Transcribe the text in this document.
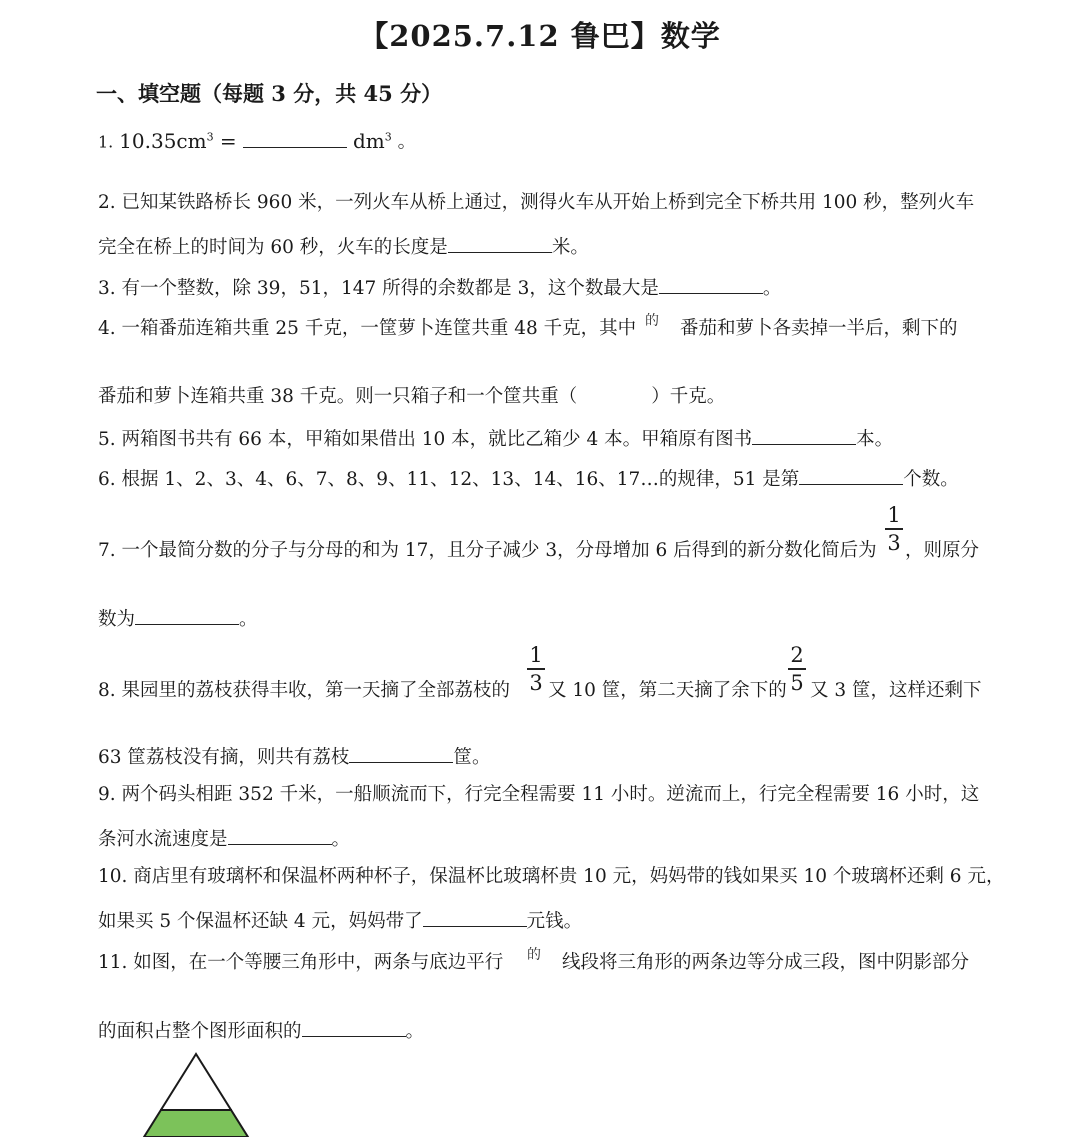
【2025.7.12 鲁巴】数学
一、填空题（每题 3 分，共 45 分）
1. $10.35cm^3$ =	$dm^3$ 。
2. 已知某铁路桥长 960 米，一列火车从桥上通过，测得火车从开始上桥到完全下桥共用 100 秒，整列火车
完全在桥上的时间为 60 秒，火车的长度是	米。
3. 有一个整数，除 39，51，147 所得的余数都是 3，这个数最大是	。
4. 一箱番茄连箱共重 25 千克，一筐萝卜连筐共重 48 千克，其中 的 番茄和萝卜各卖掉一半后，剩下的
番茄和萝卜连箱共重 38 千克。则一只箱子和一个筐共重（　　　　）千克。
5. 两箱图书共有 66 本，甲箱如果借出 10 本，就比乙箱少 4 本。甲箱原有图书	本。
6. 根据 1、2、3、4、6、7、8、9、11、12、13、14、16、17…的规律，51 是第	个数。
7. 一个最简分数的分子与分母的和为 17，且分子减少 3，分母增加 6 后得到的新分数化简后为
1
3 ，则原分
数为	。
8. 果园里的荔枝获得丰收，第一天摘了全部荔枝的
1
3 又 10 筐，第二天摘了余下的
2
5 又 3 筐，这样还剩下
63 筐荔枝没有摘，则共有荔枝	筐。
9. 两个码头相距 352 千米，一船顺流而下，行完全程需要 11 小时。逆流而上，行完全程需要 16 小时，这
条河水流速度是	。
10. 商店里有玻璃杯和保温杯两种杯子，保温杯比玻璃杯贵 10 元，妈妈带的钱如果买 10 个玻璃杯还剩 6 元，
如果买 5 个保温杯还缺 4 元，妈妈带了	元钱。
11. 如图，在一个等腰三角形中，两条与底边平行 的 线段将三角形的两条边等分成三段，图中阴影部分
的面积占整个图形面积的	。
